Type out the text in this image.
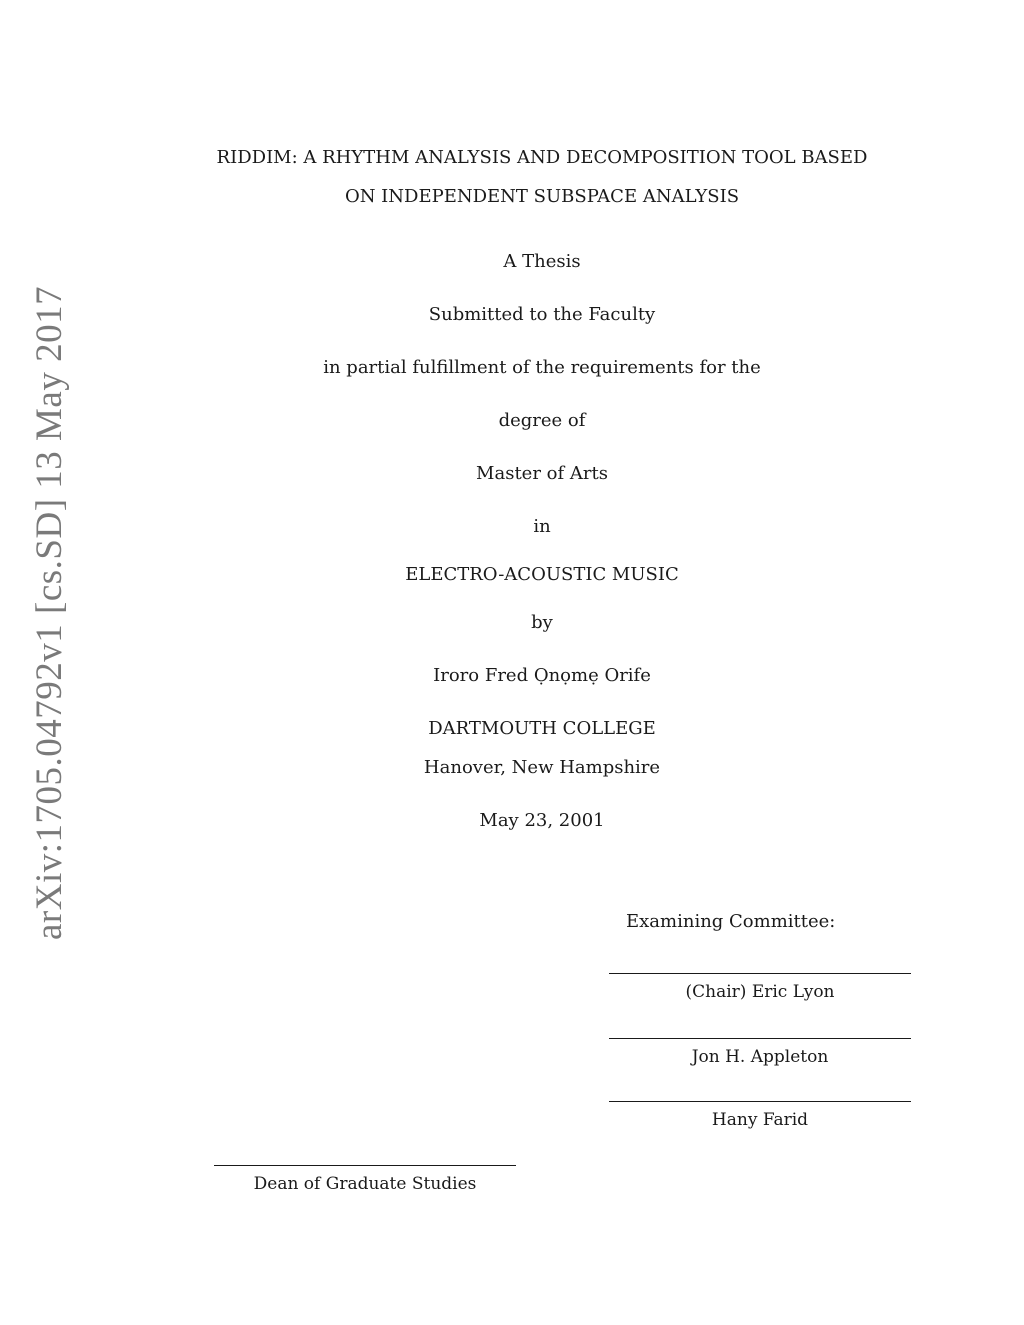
arXiv:1705.04792v1 [cs.SD] 13 May 2017
RIDDIM: A RHYTHM ANALYSIS AND DECOMPOSITION TOOL BASED
ON INDEPENDENT SUBSPACE ANALYSIS
A Thesis
Submitted to the Faculty
in partial fulfillment of the requirements for the
degree of
Master of Arts
in
ELECTRO-ACOUSTIC MUSIC
by
Iroro Fred Ọnọmẹ Orife
DARTMOUTH COLLEGE
Hanover, New Hampshire
May 23, 2001
Examining Committee:
(Chair) Eric Lyon
Jon H. Appleton
Hany Farid
Dean of Graduate Studies
